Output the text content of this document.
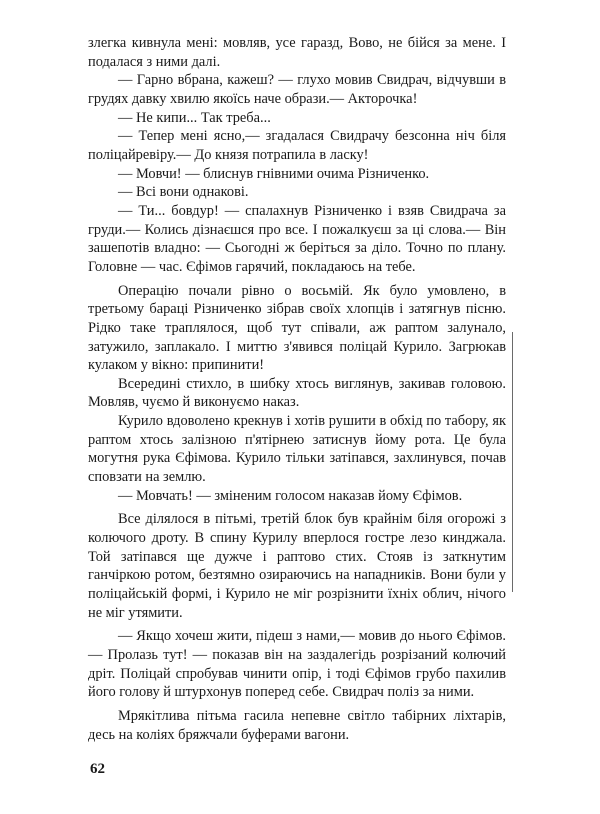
злегка кивнула мені: мовляв, усе гаразд, Вово, не бійся за мене. І подалася з ними далі.

— Гарно вбрана, кажеш? — глухо мовив Свидрач, відчувши в грудях давку хвилю якоїсь наче образи.— Акторочка!

— Не кипи... Так треба...

— Тепер мені ясно,— згадалася Свидрачу безсонна ніч біля поліцайревіру.— До князя потрапила в ласку!

— Мовчи! — блиснув гнівними очима Різниченко.

— Всі вони однакові.

— Ти... бовдур! — спалахнув Різниченко і взяв Свидрача за груди.— Колись дізнаєшся про все. І пожалкуєш за ці слова.— Він зашепотів владно: — Сьогодні ж беріться за діло. Точно по плану. Головне — час. Єфімов гарячий, покладаюсь на тебе.

Операцію почали рівно о восьмій. Як було умовлено, в третьому бараці Різниченко зібрав своїх хлопців і затягнув пісню. Рідко таке траплялося, щоб тут співали, аж раптом залунало, затужило, заплакало. І миттю з'явився поліцай Курило. Загрюкав кулаком у вікно: припинити!

Всередині стихло, в шибку хтось виглянув, закивав головою. Мовляв, чуємо й виконуємо наказ.

Курило вдоволено крекнув і хотів рушити в обхід по табору, як раптом хтось залізною п'ятірнею затиснув йому рота. Це була могутня рука Єфімова. Курило тільки затіпався, захлинувся, почав сповзати на землю.

— Мовчать! — зміненим голосом наказав йому Єфімов.

Все ділялося в пітьмі, третій блок був крайнім біля огорожі з колючого дроту. В спину Курилу вперлося гостре лезо кинджала. Той затіпався ще дужче і раптово стих. Стояв із заткнутим ганчіркою ротом, безтямно озираючись на нападників. Вони були у поліцайській формі, і Курило не міг розрізнити їхніх облич, нічого не міг утямити.

— Якщо хочеш жити, підеш з нами,— мовив до нього Єфімов.— Пролазь тут! — показав він на заздалегідь розрізаний колючий дріт. Поліцай спробував чинити опір, і тоді Єфімов грубо пахилив його голову й штурхонув поперед себе. Свидрач поліз за ними.

Мрякітлива пітьма гасила непевне світло табірних ліхтарів, десь на коліях бряжчали буферами вагони.

62
